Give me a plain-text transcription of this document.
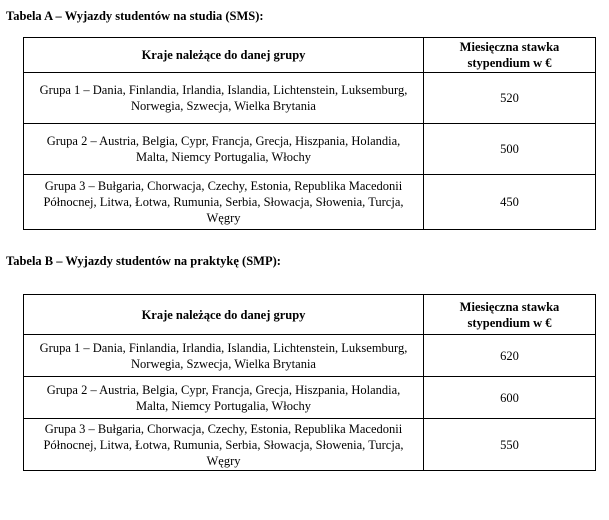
Tabela A – Wyjazdy studentów na studia (SMS):
Kraje należące do danej grupy	Miesięczna stawka stypendium w €
Grupa 1 – Dania, Finlandia, Irlandia, Islandia, Lichtenstein, Luksemburg, Norwegia, Szwecja, Wielka Brytania	520
Grupa 2 – Austria, Belgia, Cypr, Francja, Grecja, Hiszpania, Holandia, Malta, Niemcy Portugalia, Włochy	500
Grupa 3 – Bułgaria, Chorwacja, Czechy, Estonia, Republika Macedonii Północnej, Litwa, Łotwa, Rumunia, Serbia, Słowacja, Słowenia, Turcja, Węgry	450
Tabela B – Wyjazdy studentów na praktykę (SMP):
Kraje należące do danej grupy	Miesięczna stawka stypendium w €
Grupa 1 – Dania, Finlandia, Irlandia, Islandia, Lichtenstein, Luksemburg, Norwegia, Szwecja, Wielka Brytania	620
Grupa 2 – Austria, Belgia, Cypr, Francja, Grecja, Hiszpania, Holandia, Malta, Niemcy Portugalia, Włochy	600
Grupa 3 – Bułgaria, Chorwacja, Czechy, Estonia, Republika Macedonii Północnej, Litwa, Łotwa, Rumunia, Serbia, Słowacja, Słowenia, Turcja, Węgry	550
